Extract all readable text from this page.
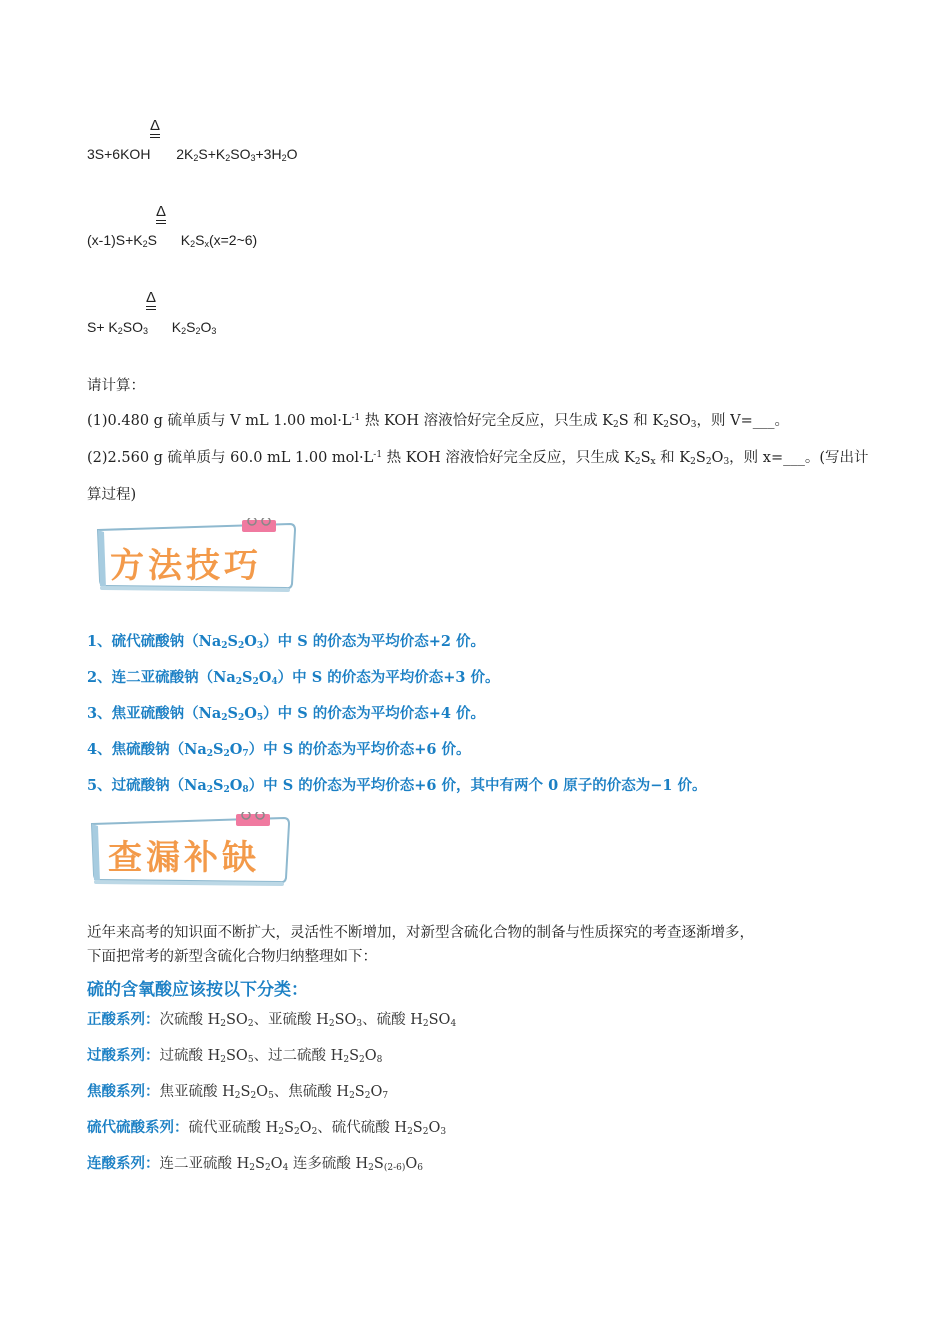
Δ
3S+6KOH $2K_2S+K_2SO_3+3H_2O$
Δ
$(x-1)S+K_2S$ $K_2S_x(x=2\sim 6)$
Δ
$S+ K_2SO_3$ $K_2S_2O_3$
请计算：
(1)0.480 g 硫单质与 V mL 1.00 $mol\cdot L^{-1}$ 热 KOH 溶液恰好完全反应，只生成 $K_2S$ 和 $K_2SO_3$，则 V=___。
(2)2.560 g 硫单质与 60.0 mL 1.00 $mol\cdot L^{-1}$ 热 KOH 溶液恰好完全反应，只生成 $K_2S_x$ 和 $K_2S_2O_3$，则 x=___。(写出计
算过程)
方法技巧
1、硫代硫酸钠$(Na_2S_2O_3)$中 S 的价态为平均价态+2 价。
2、连二亚硫酸钠$(Na_2S_2O_4)$中 S 的价态为平均价态+3 价。
3、焦亚硫酸钠$(Na_2S_2O_5)$中 S 的价态为平均价态+4 价。
4、焦硫酸钠$(Na_2S_2O_7)$中 S 的价态为平均价态+6 价。
5、过硫酸钠$(Na_2S_2O_8)$中 S 的价态为平均价态+6 价，其中有两个 0 原子的价态为−1 价。
查漏补缺
近年来高考的知识面不断扩大，灵活性不断增加，对新型含硫化合物的制备与性质探究的考查逐渐增多，
下面把常考的新型含硫化合物归纳整理如下：
硫的含氧酸应该按以下分类：
正酸系列：次硫酸 $H_2SO_2$、亚硫酸 $H_2SO_3$、硫酸 $H_2SO_4$
过酸系列：过硫酸 $H_2SO_5$、过二硫酸 $H_2S_2O_8$
焦酸系列：焦亚硫酸 $H_2S_2O_5$、焦硫酸 $H_2S_2O_7$
硫代硫酸系列：硫代亚硫酸 $H_2S_2O_2$、硫代硫酸 $H_2S_2O_3$
连酸系列：连二亚硫酸 $H_2S_2O_4$ 连多硫酸 $H_2S_{(2-6)}O_6$
